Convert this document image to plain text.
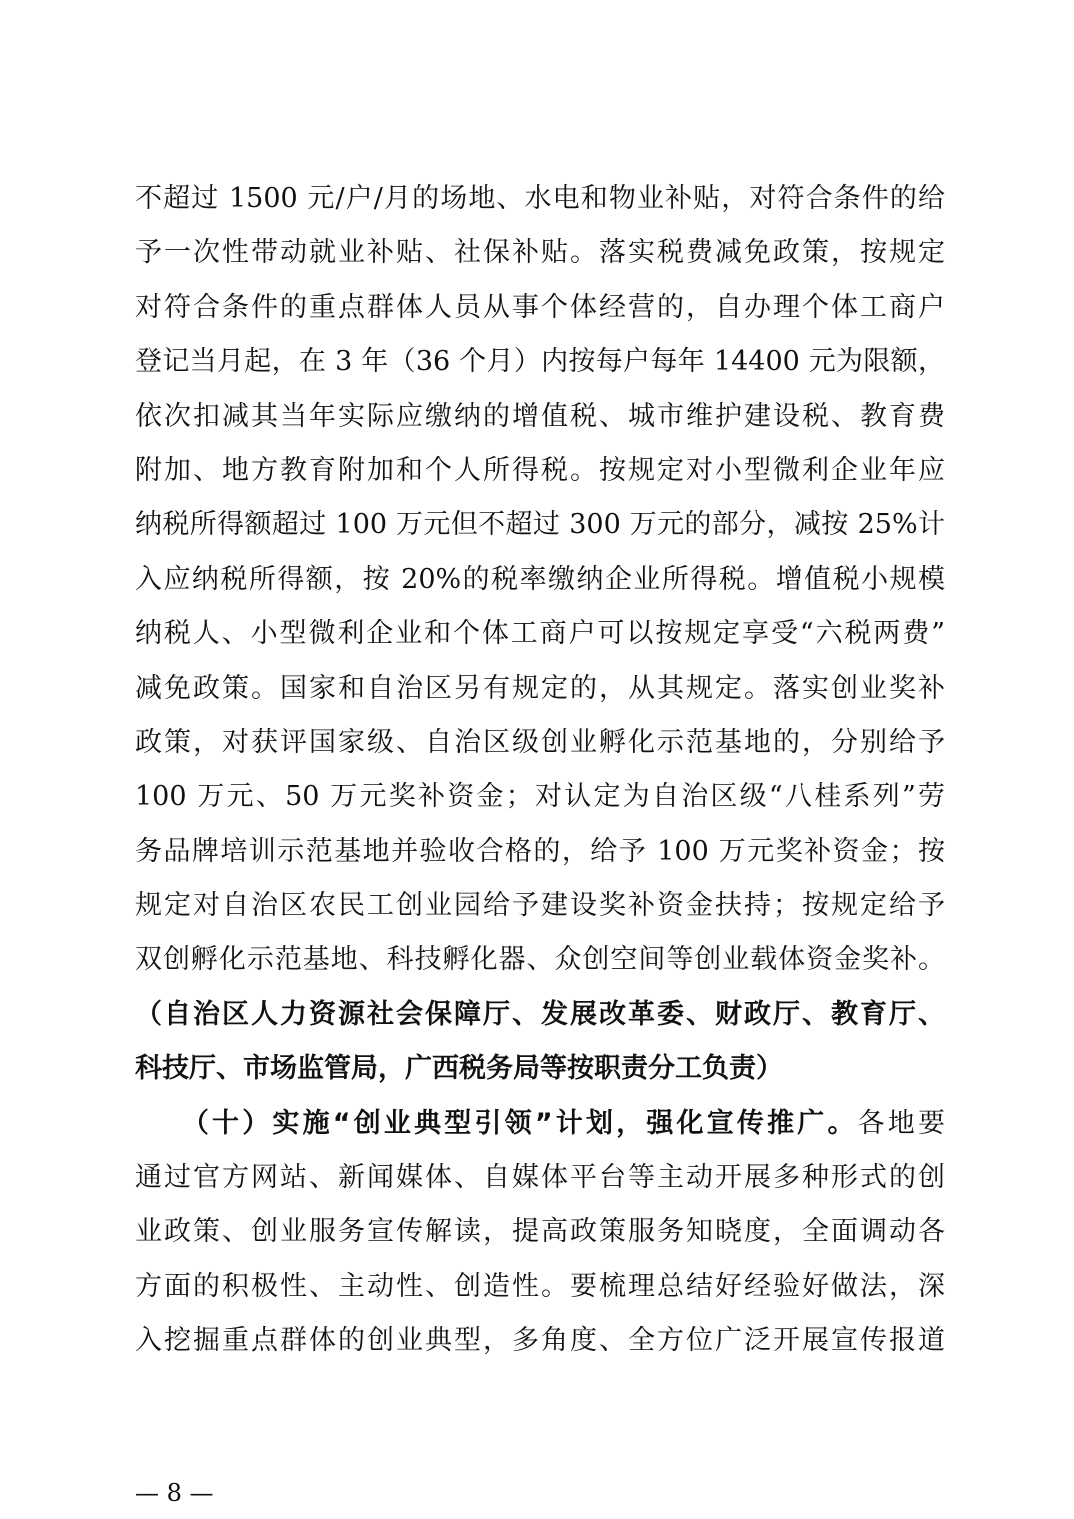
不超过 1500 元/户/月的场地、水电和物业补贴，对符合条件的给
予一次性带动就业补贴、社保补贴。落实税费减免政策，按规定
对符合条件的重点群体人员从事个体经营的，自办理个体工商户
登记当月起，在 3 年（36 个月）内按每户每年 14400 元为限额，
依次扣减其当年实际应缴纳的增值税、城市维护建设税、教育费
附加、地方教育附加和个人所得税。按规定对小型微利企业年应
纳税所得额超过 100 万元但不超过 300 万元的部分，减按 25%计
入应纳税所得额，按 20%的税率缴纳企业所得税。增值税小规模
纳税人、小型微利企业和个体工商户可以按规定享受“六税两费”
减免政策。国家和自治区另有规定的，从其规定。落实创业奖补
政策，对获评国家级、自治区级创业孵化示范基地的，分别给予
100 万元、50 万元奖补资金；对认定为自治区级“八桂系列”劳
务品牌培训示范基地并验收合格的，给予 100 万元奖补资金；按
规定对自治区农民工创业园给予建设奖补资金扶持；按规定给予
双创孵化示范基地、科技孵化器、众创空间等创业载体资金奖补。
（自治区人力资源社会保障厅、发展改革委、财政厅、教育厅、
科技厅、市场监管局，广西税务局等按职责分工负责）
　　（十）实施“创业典型引领”计划，强化宣传推广。各地要
通过官方网站、新闻媒体、自媒体平台等主动开展多种形式的创
业政策、创业服务宣传解读，提高政策服务知晓度，全面调动各
方面的积极性、主动性、创造性。要梳理总结好经验好做法，深
入挖掘重点群体的创业典型，多角度、全方位广泛开展宣传报道
— 8 —
